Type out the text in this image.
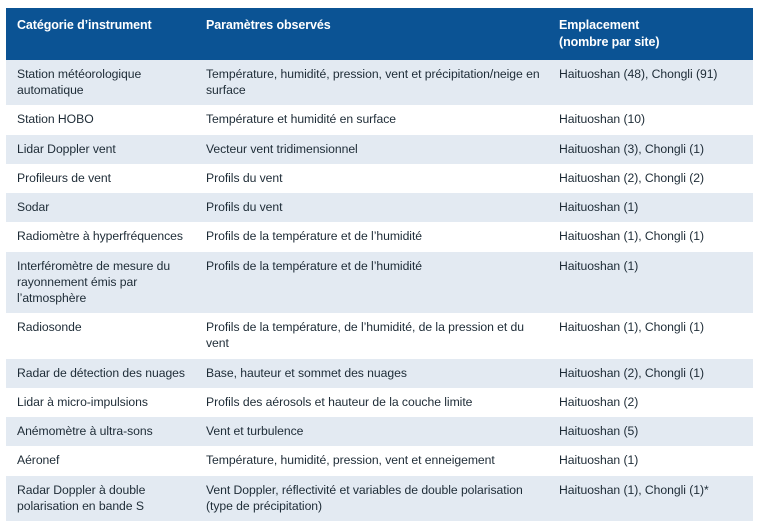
Catégorie d’instrument	Paramètres observés	Emplacement
(nombre par site)
Station météorologique automatique	Température, humidité, pression, vent et précipitation/neige en surface	Haituoshan (48), Chongli (91)
Station HOBO	Température et humidité en surface	Haituoshan (10)
Lidar Doppler vent	Vecteur vent tridimensionnel	Haituoshan (3), Chongli (1)
Profileurs de vent	Profils du vent	Haituoshan (2), Chongli (2)
Sodar	Profils du vent	Haituoshan (1)
Radiomètre à hyperfréquences	Profils de la température et de l’humidité	Haituoshan (1), Chongli (1)
Interféromètre de mesure du rayonnement émis par l’atmosphère	Profils de la température et de l’humidité	Haituoshan (1)
Radiosonde	Profils de la température, de l’humidité, de la pression et du vent	Haituoshan (1), Chongli (1)
Radar de détection des nuages	Base, hauteur et sommet des nuages	Haituoshan (2), Chongli (1)
Lidar à micro-impulsions	Profils des aérosols et hauteur de la couche limite	Haituoshan (2)
Anémomètre à ultra-sons	Vent et turbulence	Haituoshan (5)
Aéronef	Température, humidité, pression, vent et enneigement	Haituoshan (1)
Radar Doppler à double polarisation en bande S	Vent Doppler, réflectivité et variables de double polarisation (type de précipitation)	Haituoshan (1), Chongli (1)*
